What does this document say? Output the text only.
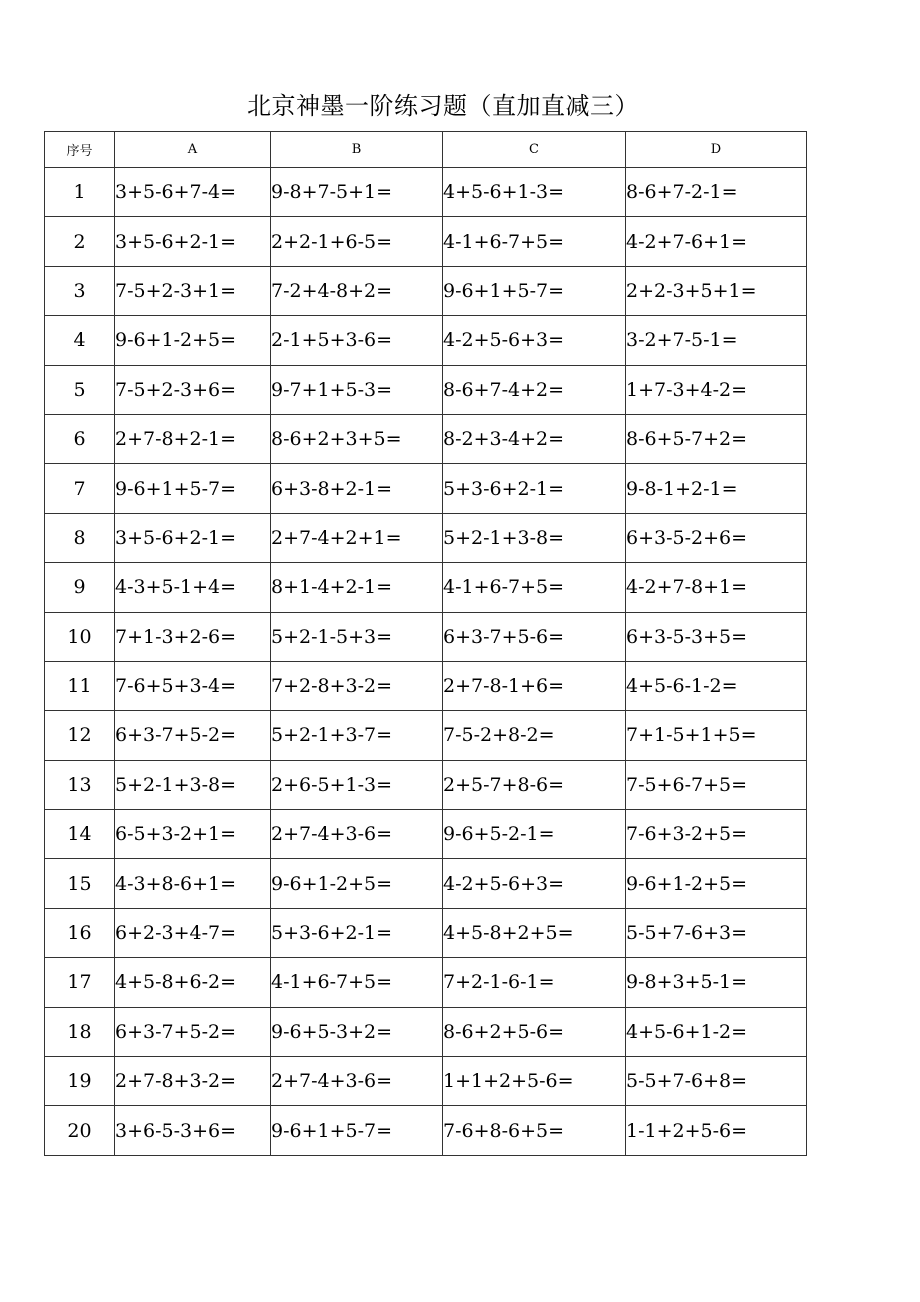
北京神墨一阶练习题（直加直减三）
序号	A	B	C	D
1	3+5-6+7-4=	9-8+7-5+1=	4+5-6+1-3=	8-6+7-2-1=
2	3+5-6+2-1=	2+2-1+6-5=	4-1+6-7+5=	4-2+7-6+1=
3	7-5+2-3+1=	7-2+4-8+2=	9-6+1+5-7=	2+2-3+5+1=
4	9-6+1-2+5=	2-1+5+3-6=	4-2+5-6+3=	3-2+7-5-1=
5	7-5+2-3+6=	9-7+1+5-3=	8-6+7-4+2=	1+7-3+4-2=
6	2+7-8+2-1=	8-6+2+3+5=	8-2+3-4+2=	8-6+5-7+2=
7	9-6+1+5-7=	6+3-8+2-1=	5+3-6+2-1=	9-8-1+2-1=
8	3+5-6+2-1=	2+7-4+2+1=	5+2-1+3-8=	6+3-5-2+6=
9	4-3+5-1+4=	8+1-4+2-1=	4-1+6-7+5=	4-2+7-8+1=
10	7+1-3+2-6=	5+2-1-5+3=	6+3-7+5-6=	6+3-5-3+5=
11	7-6+5+3-4=	7+2-8+3-2=	2+7-8-1+6=	4+5-6-1-2=
12	6+3-7+5-2=	5+2-1+3-7=	7-5-2+8-2=	7+1-5+1+5=
13	5+2-1+3-8=	2+6-5+1-3=	2+5-7+8-6=	7-5+6-7+5=
14	6-5+3-2+1=	2+7-4+3-6=	9-6+5-2-1=	7-6+3-2+5=
15	4-3+8-6+1=	9-6+1-2+5=	4-2+5-6+3=	9-6+1-2+5=
16	6+2-3+4-7=	5+3-6+2-1=	4+5-8+2+5=	5-5+7-6+3=
17	4+5-8+6-2=	4-1+6-7+5=	7+2-1-6-1=	9-8+3+5-1=
18	6+3-7+5-2=	9-6+5-3+2=	8-6+2+5-6=	4+5-6+1-2=
19	2+7-8+3-2=	2+7-4+3-6=	1+1+2+5-6=	5-5+7-6+8=
20	3+6-5-3+6=	9-6+1+5-7=	7-6+8-6+5=	1-1+2+5-6=
